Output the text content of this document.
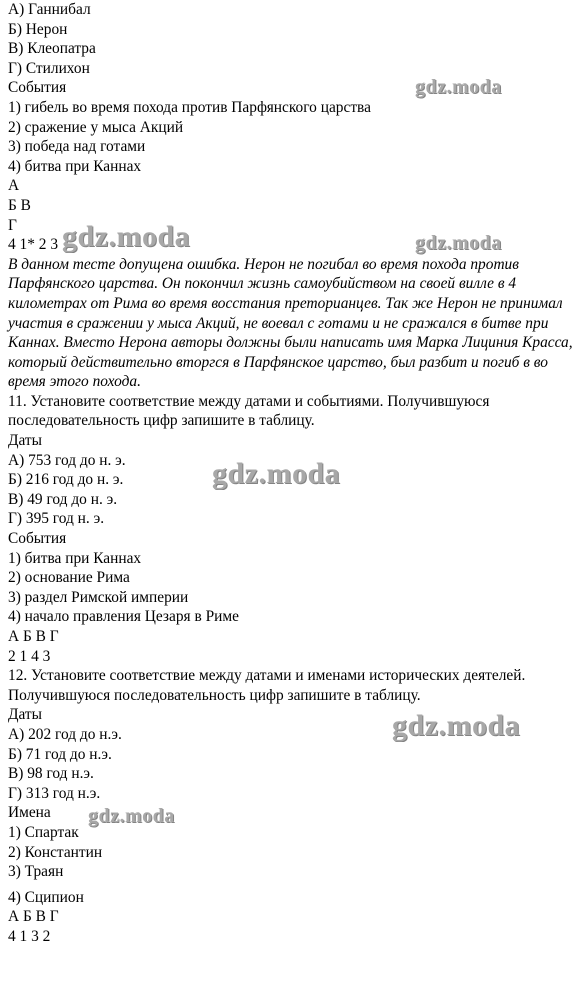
А) Ганнибал
Б) Нерон
В) Клеопатра
Г) Стилихон
События
1) гибель во время похода против Парфянского царства
2) сражение у мыса Акций
3) победа над готами
4) битва при Каннах
А
Б В
Г
4 1* 2 3
В данном тесте допущена ошибка. Нерон не погибал во время похода против Парфянского царства. Он покончил жизнь самоубийством на своей вилле в 4 километрах от Рима во время восстания преторианцев. Так же Нерон не принимал участия в сражении у мыса Акций, не воевал с готами и не сражался в битве при Каннах. Вместо Нерона авторы должны были написать имя Марка Лициния Красса, который действительно вторгся в Парфянское царство, был разбит и погиб в во время этого похода.
11. Установите соответствие между датами и событиями. Получившуюся последовательность цифр запишите в таблицу.
Даты
А) 753 год до н. э.
Б) 216 год до н. э.
В) 49 год до н. э.
Г) 395 год н. э.
События
1) битва при Каннах
2) основание Рима
3) раздел Римской империи
4) начало правления Цезаря в Риме
А Б В Г
2 1 4 3
12. Установите соответствие между датами и именами исторических деятелей. Получившуюся последовательность цифр запишите в таблицу.
Даты
А) 202 год до н.э.
Б) 71 год до н.э.
В) 98 год н.э.
Г) 313 год н.э.
Имена
1) Спартак
2) Константин
3) Траян
4) Сципион
А Б В Г
4 1 3 2
gdz.moda
gdz.moda	gdz.moda
gdz.moda
gdz.moda
gdz.moda
